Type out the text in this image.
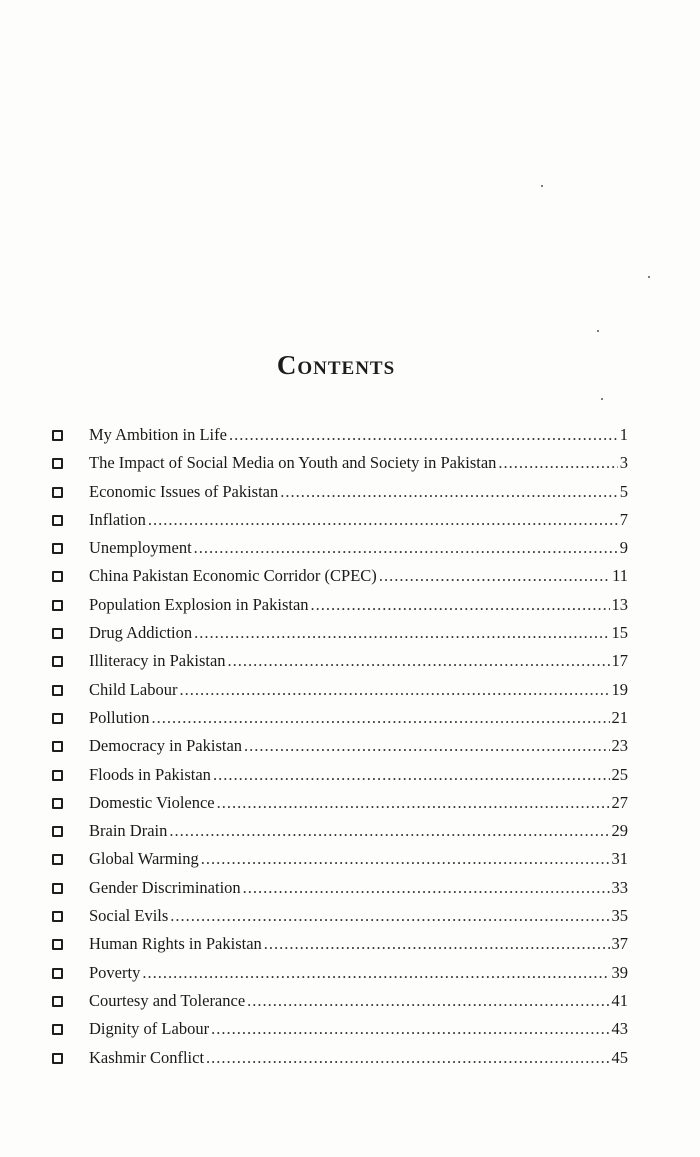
Contents
My Ambition in Life .....	1
The Impact of Social Media on Youth and Society in Pakistan .....	3
Economic Issues of Pakistan .....	5
Inflation .....	7
Unemployment .....	9
China Pakistan Economic Corridor (CPEC) .....	11
Population Explosion in Pakistan .....	13
Drug Addiction .....	15
Illiteracy in Pakistan .....	17
Child Labour .....	19
Pollution .....	21
Democracy in Pakistan .....	23
Floods in Pakistan .....	25
Domestic Violence .....	27
Brain Drain .....	29
Global Warming .....	31
Gender Discrimination .....	33
Social Evils .....	35
Human Rights in Pakistan .....	37
Poverty .....	39
Courtesy and Tolerance .....	41
Dignity of Labour .....	43
Kashmir Conflict .....	45
